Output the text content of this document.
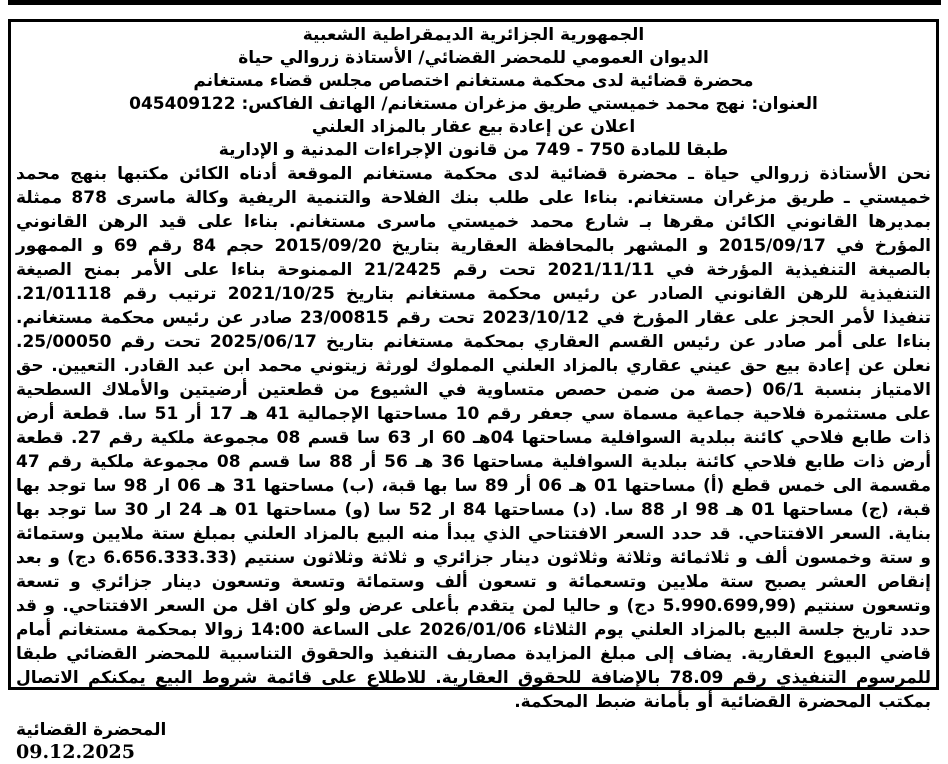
الجمهورية الجزائرية الديمقراطية الشعبية
الديوان العمومي للمحضر القضائي/ الأستاذة زروالي حياة
محضرة قضائية لدى محكمة مستغانم اختصاص مجلس قضاء مستغانم
العنوان: نهج محمد خميستي طريق مزغران مستغانم/ الهاتف الفاكس: 045409122
اعلان عن إعادة بيع عقار بالمزاد العلني
طبقا للمادة ‎749 - 750‎ من قانون الإجراءات المدنية و الإدارية

نحن الأستاذة زروالي حياة ـ محضرة قضائية لدى محكمة مستغانم الموقعة أدناه الكائن مكتبها بنهج محمد خميستي ـ طريق مزغران مستغانم. بناءا على طلب بنك الفلاحة والتنمية الريفية وكالة ماسرى 878 ممثلة بمديرها القانوني الكائن مقرها بـ شارع محمد خميستي ماسرى مستغانم. بناءا على قيد الرهن القانوني المؤرخ في 2015/09/17 و المشهر بالمحافظة العقارية بتاريخ 2015/09/20 حجم 84 رقم 69 و الممهور بالصيغة التنفيذية المؤرخة في 2021/11/11 تحت رقم 21/2425 الممنوحة بناءا على الأمر بمنح الصيغة التنفيذية للرهن القانوني الصادر عن رئيس محكمة مستغانم بتاريخ 2021/10/25 ترتيب رقم 21/01118. تنفيذا لأمر الحجز على عقار المؤرخ في 2023/10/12 تحت رقم 23/00815 صادر عن رئيس محكمة مستغانم. بناءا على أمر صادر عن رئيس القسم العقاري بمحكمة مستغانم بتاريخ 2025/06/17 تحت رقم 25/00050. نعلن عن إعادة بيع حق عيني عقاري بالمزاد العلني المملوك لورثة زيتوني محمد ابن عبد القادر. التعيين. حق الامتياز بنسبة 06/1 (حصة من ضمن حصص متساوية في الشيوع من قطعتين أرضيتين والأملاك السطحية على مستثمرة فلاحية جماعية مسماة سي جعفر رقم 10 مساحتها الإجمالية 41 هـ 17 أر 51 سا. قطعة أرض ذات طابع فلاحي كائنة ببلدية السوافلية مساحتها 04هـ 60 ار 63 سا قسم 08 مجموعة ملكية رقم 27. قطعة أرض ذات طابع فلاحي كائنة ببلدية السوافلية مساحتها 36 هـ 56 أر 88 سا قسم 08 مجموعة ملكية رقم 47 مقسمة الى خمس قطع (أ) مساحتها 01 هـ 06 أر 89 سا بها قبة، (ب) مساحتها 31 هـ 06 ار 98 سا توجد بها قبة، (ج) مساحتها 01 هـ 98 ار 88 سا. (د) مساحتها 84 ار 52 سا (و) مساحتها 01 هـ 24 ار 30 سا توجد بها بناية. السعر الافتتاحي. قد حدد السعر الافتتاحي الذي يبدأ منه البيع بالمزاد العلني بمبلغ ستة ملايين وستمائة و ستة وخمسون ألف و ثلاثمائة وثلاثة وثلاثون دينار جزائري و ثلاثة وثلاثون سنتيم (6.656.333.33 دج) و بعد إنقاص العشر يصبح ستة ملايين وتسعمائة و تسعون ألف وستمائة وتسعة وتسعون دينار جزائري و تسعة وتسعون سنتيم (5.990.699,99 دج) و حاليا لمن يتقدم بأعلى عرض ولو كان اقل من السعر الافتتاحي. و قد حدد تاريخ جلسة البيع بالمزاد العلني يوم الثلاثاء 2026/01/06 على الساعة 14:00 زوالا بمحكمة مستغانم أمام قاضي البيوع العقارية. يضاف إلى مبلغ المزايدة مصاريف التنفيذ والحقوق التناسبية للمحضر القضائي طبقا للمرسوم التنفيذي رقم 78.09 بالإضافة للحقوق العقارية. للاطلاع على قائمة شروط البيع يمكنكم الاتصال بمكتب المحضرة القضائية أو بأمانة ضبط المحكمة.

المحضرة القضائية
09.12.2025
